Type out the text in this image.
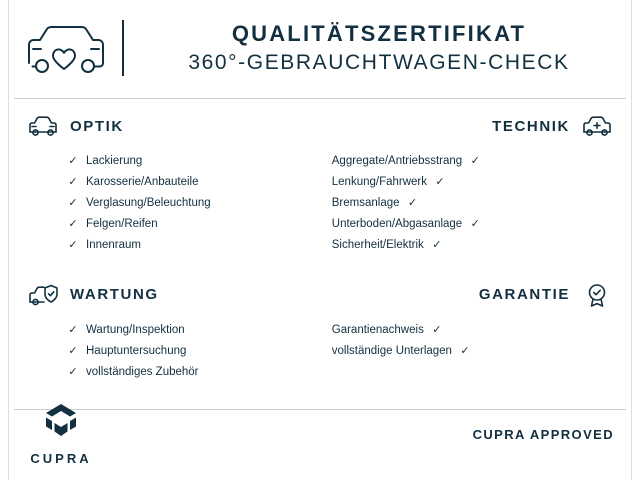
QUALITÄTSZERTIFIKAT
360°-GEBRAUCHTWAGEN-CHECK
OPTIK	TECHNIK
✓ Lackierung
✓ Karosserie/Anbauteile
✓ Verglasung/Beleuchtung
✓ Felgen/Reifen
✓ Innenraum
✓
Aggregate/Antriebsstrang
✓
Lenkung/Fahrwerk
✓
Bremsanlage
✓
Unterboden/Abgasanlage
✓
Sicherheit/Elektrik
WARTUNG	GARANTIE
✓ Wartung/Inspektion
✓ Hauptuntersuchung
✓ vollständiges Zubehör
✓
Garantienachweis
✓
vollständige Unterlagen
CUPRA
CUPRA APPROVED
